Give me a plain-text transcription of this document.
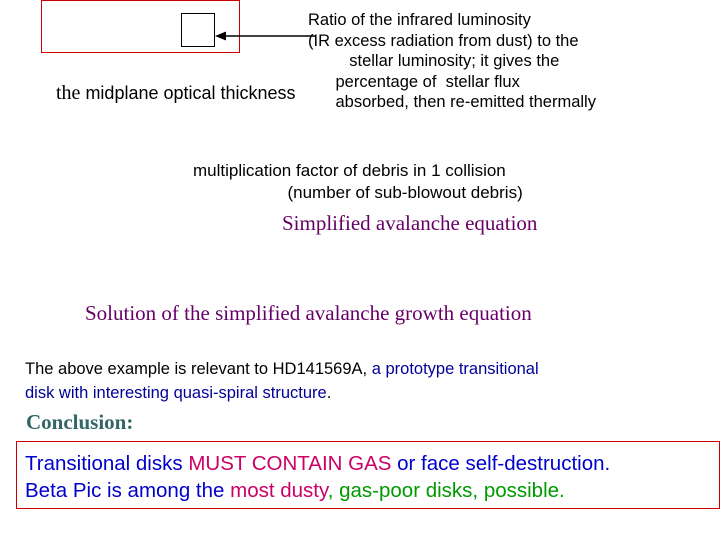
Ratio of the infrared luminosity
(IR excess radiation from dust) to the
stellar luminosity; it gives the
percentage of  stellar flux
absorbed, then re-emitted thermally
the midplane optical thickness
multiplication factor of debris in 1 collision
(number of sub-blowout debris)
Simplified avalanche equation
Solution of the simplified avalanche growth equation
The above example is relevant to HD141569A, a prototype transitional
disk with interesting quasi-spiral structure.
Conclusion:
Transitional disks MUST CONTAIN GAS or face self-destruction.
Beta Pic is among the most dusty, gas-poor disks, possible.
